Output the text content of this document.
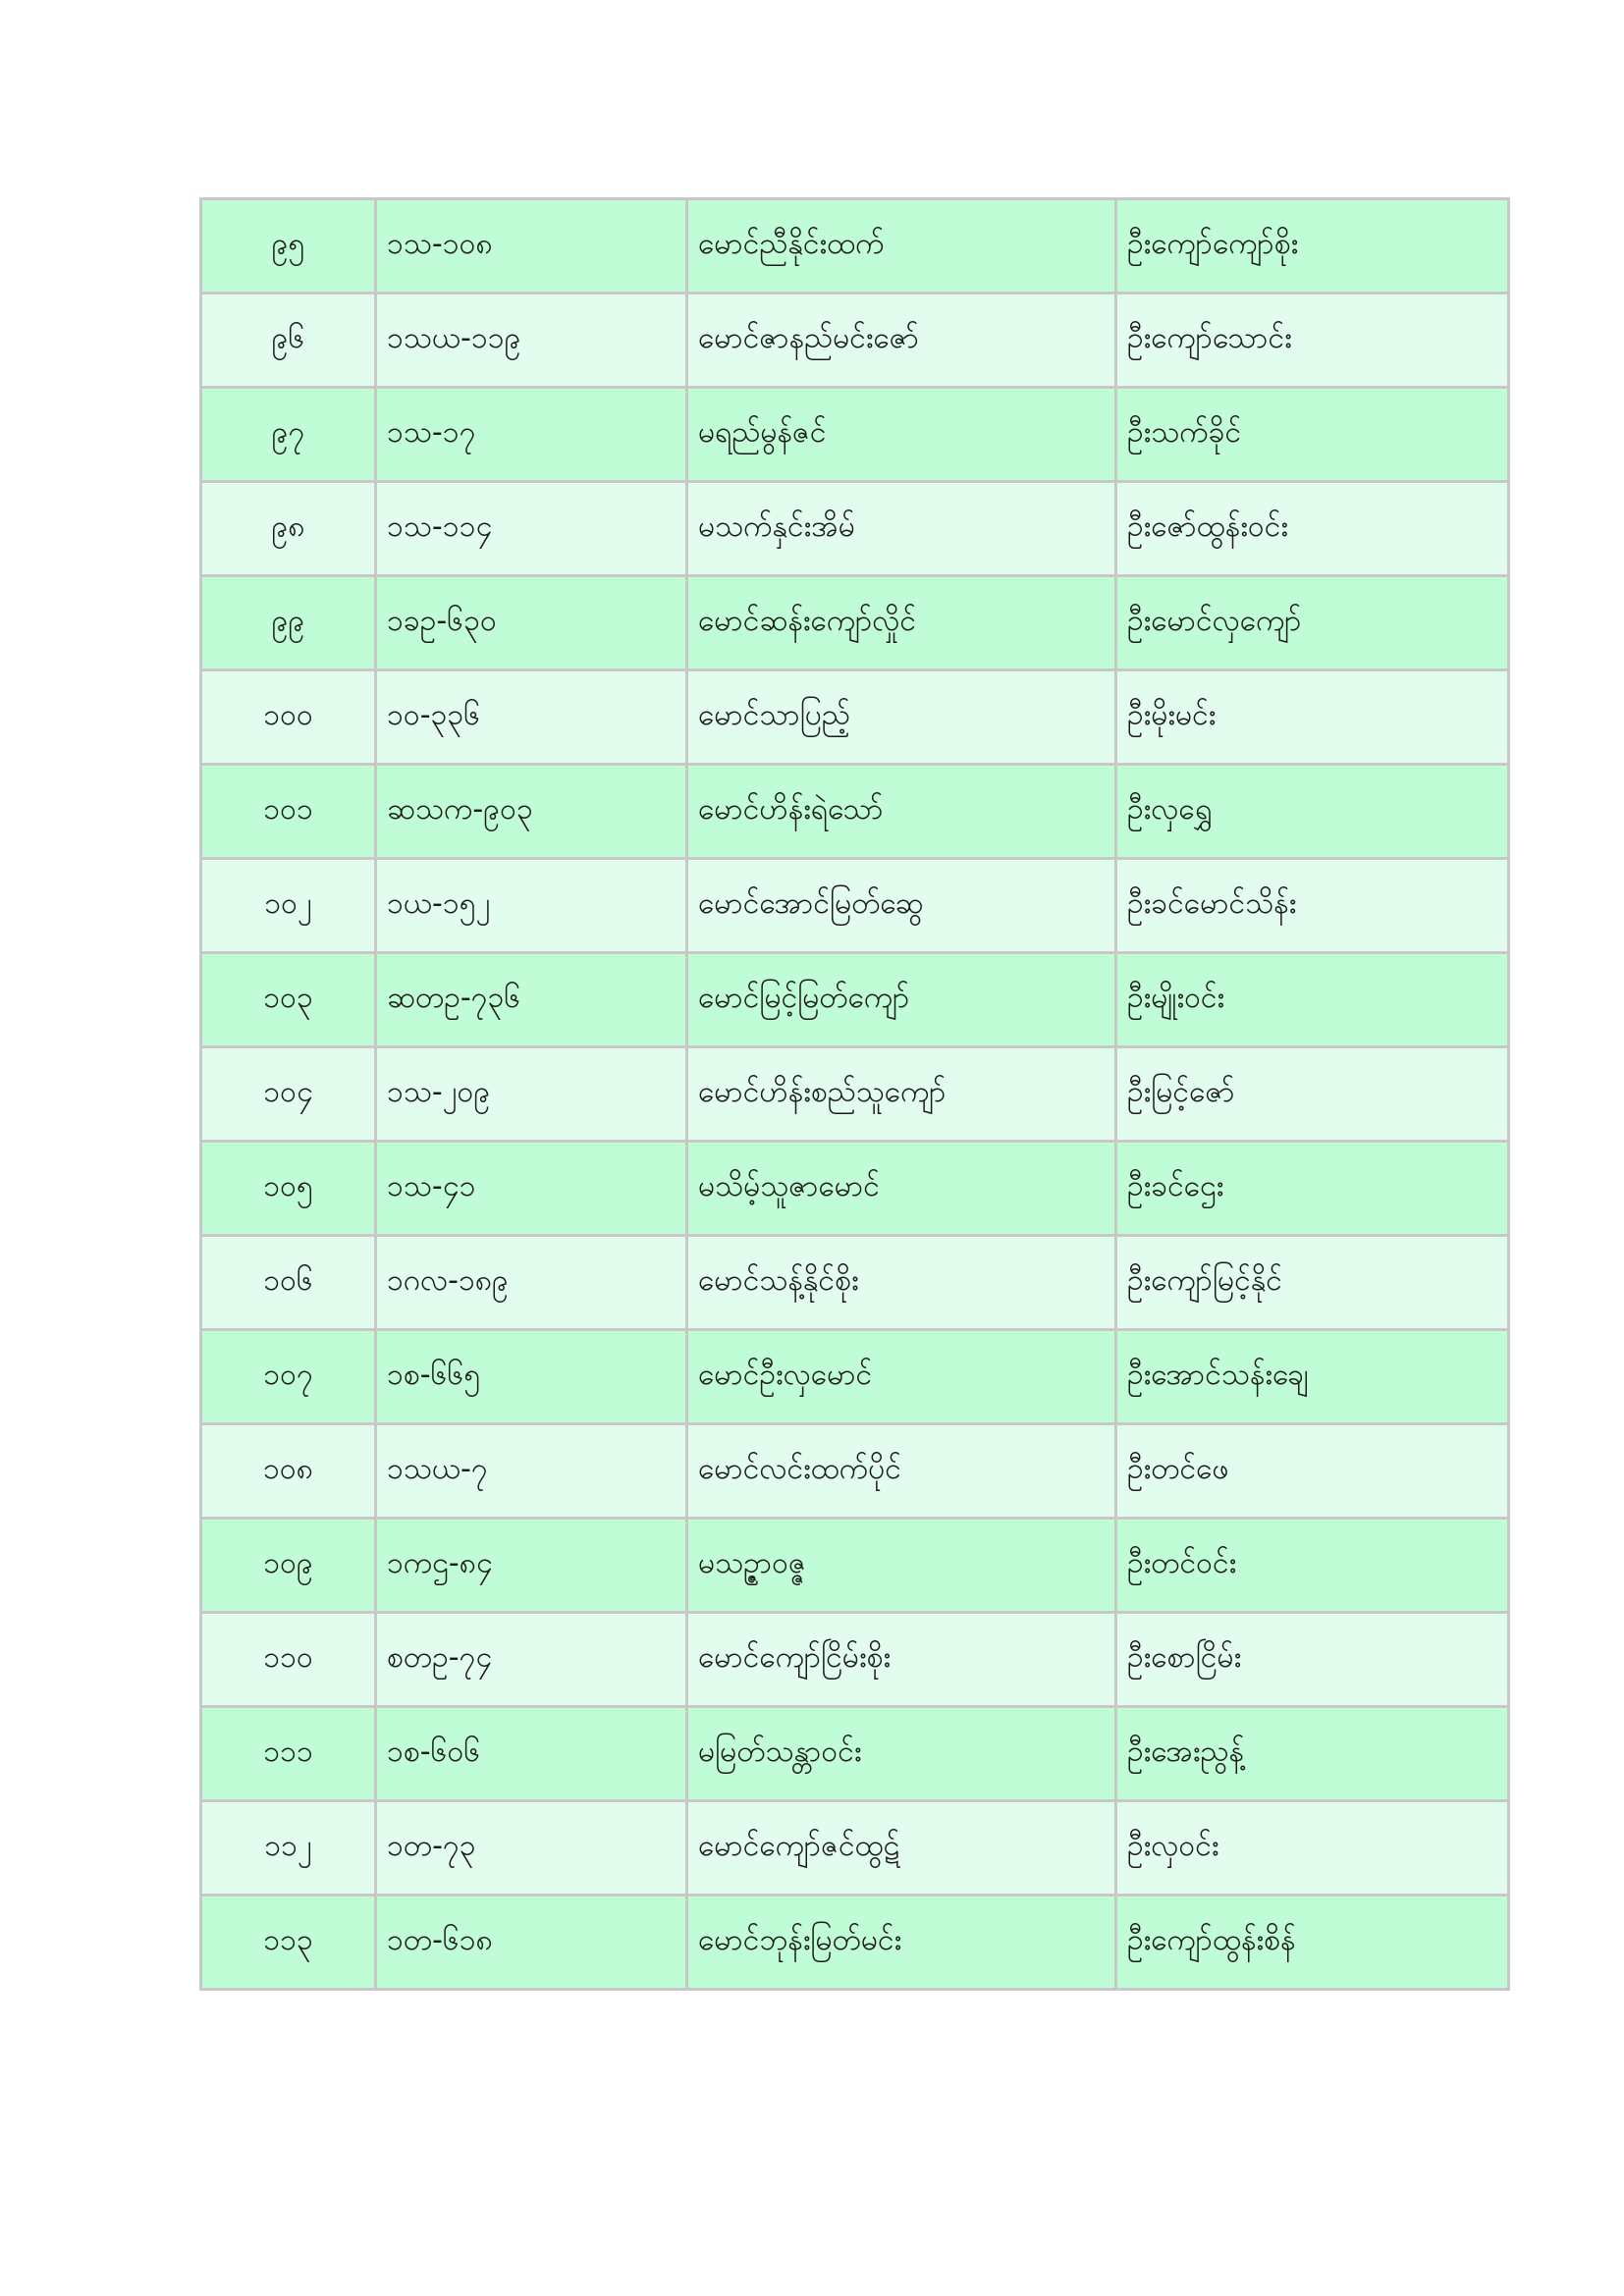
၉၅	၁သ-၁၀၈	မောင်ညီနိုင်းထက်	ဦးကျော်ကျော်စိုး
၉၆	၁သယ-၁၁၉	မောင်ဇာနည်မင်းဇော်	ဦးကျော်သောင်း
၉၇	၁သ-၁၇	မရည်မွန်ဇင်	ဦးသက်ခိုင်
၉၈	၁သ-၁၁၄	မသက်နှင်းအိမ်	ဦးဇော်ထွန်းဝင်း
၉၉	၁ခဥ-၆၃၀	မောင်ဆန်းကျော်လှိုင်	ဦးမောင်လှကျော်
၁၀၀	၁ဝ-၃၃၆	မောင်သာပြည့်	ဦးမိုးမင်း
၁၀၁	ဆသက-၉၀၃	မောင်ဟိန်းရဲသော်	ဦးလှရွှေ
၁၀၂	၁ယ-၁၅၂	မောင်အောင်မြတ်ဆွေ	ဦးခင်မောင်သိန်း
၁၀၃	ဆတဥ-၇၃၆	မောင်မြင့်မြတ်ကျော်	ဦးမျိုးဝင်း
၁၀၄	၁သ-၂၀၉	မောင်ဟိန်းစည်သူကျော်	ဦးမြင့်ဇော်
၁၀၅	၁သ-၄၁	မသိမ့်သူဇာမောင်	ဦးခင်ဌေး
၁၀၆	၁ဂလ-၁၈၉	မောင်သန့်နိုင်စိုး	ဦးကျော်မြင့်နိုင်
၁၀၇	၁စ-၆၆၅	မောင်ဦးလှမောင်	ဦးအောင်သန်းချေ
၁၀၈	၁သယ-၇	မောင်လင်းထက်ပိုင်	ဦးတင်ဖေ
၁၀၉	၁ကဌ-၈၄	မသဉ္ဇာဝဇ္ဇ	ဦးတင်ဝင်း
၁၁၀	စတဥ-၇၄	မောင်ကျော်ငြိမ်းစိုး	ဦးစောငြိမ်း
၁၁၁	၁စ-၆၀၆	မမြတ်သန္တာဝင်း	ဦးအေးညွန့်
၁၁၂	၁တ-၇၃	မောင်ကျော်ဇင်ထွဋ်	ဦးလှဝင်း
၁၁၃	၁တ-၆၁၈	မောင်ဘုန်းမြတ်မင်း	ဦးကျော်ထွန်းစိန်
